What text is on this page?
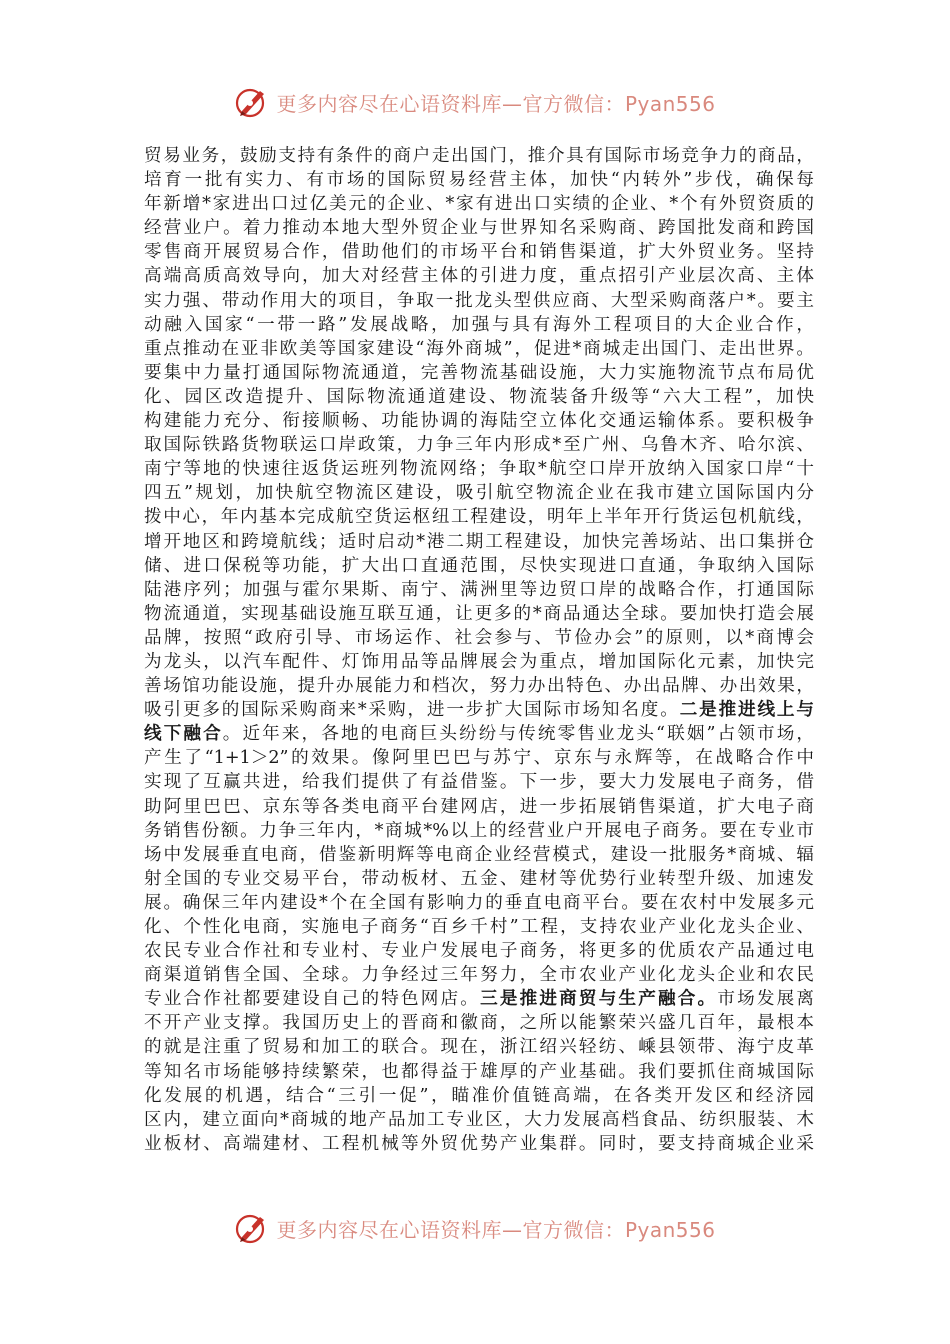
更多内容尽在心语资料库—官方微信：Pyan556
贸易业务，鼓励支持有条件的商户走出国门，推介具有国际市场竞争力的商品，
培育一批有实力、有市场的国际贸易经营主体，加快“内转外”步伐，确保每
年新增*家进出口过亿美元的企业、*家有进出口实绩的企业、*个有外贸资质的
经营业户。着力推动本地大型外贸企业与世界知名采购商、跨国批发商和跨国
零售商开展贸易合作，借助他们的市场平台和销售渠道，扩大外贸业务。坚持
高端高质高效导向，加大对经营主体的引进力度，重点招引产业层次高、主体
实力强、带动作用大的项目，争取一批龙头型供应商、大型采购商落户*。要主
动融入国家“一带一路”发展战略，加强与具有海外工程项目的大企业合作，
重点推动在亚非欧美等国家建设“海外商城”，促进*商城走出国门、走出世界。
要集中力量打通国际物流通道，完善物流基础设施，大力实施物流节点布局优
化、园区改造提升、国际物流通道建设、物流装备升级等“六大工程”，加快
构建能力充分、衔接顺畅、功能协调的海陆空立体化交通运输体系。要积极争
取国际铁路货物联运口岸政策，力争三年内形成*至广州、乌鲁木齐、哈尔滨、
南宁等地的快速往返货运班列物流网络；争取*航空口岸开放纳入国家口岸“十
四五”规划，加快航空物流区建设，吸引航空物流企业在我市建立国际国内分
拨中心，年内基本完成航空货运枢纽工程建设，明年上半年开行货运包机航线，
增开地区和跨境航线；适时启动*港二期工程建设，加快完善场站、出口集拼仓
储、进口保税等功能，扩大出口直通范围，尽快实现进口直通，争取纳入国际
陆港序列；加强与霍尔果斯、南宁、满洲里等边贸口岸的战略合作，打通国际
物流通道，实现基础设施互联互通，让更多的*商品通达全球。要加快打造会展
品牌，按照“政府引导、市场运作、社会参与、节俭办会”的原则，以*商博会
为龙头，以汽车配件、灯饰用品等品牌展会为重点，增加国际化元素，加快完
善场馆功能设施，提升办展能力和档次，努力办出特色、办出品牌、办出效果，
吸引更多的国际采购商来*采购，进一步扩大国际市场知名度。二是推进线上与
线下融合。近年来，各地的电商巨头纷纷与传统零售业龙头“联姻”占领市场，
产生了“1+1＞2”的效果。像阿里巴巴与苏宁、京东与永辉等，在战略合作中
实现了互赢共进，给我们提供了有益借鉴。下一步，要大力发展电子商务，借
助阿里巴巴、京东等各类电商平台建网店，进一步拓展销售渠道，扩大电子商
务销售份额。力争三年内，*商城*%以上的经营业户开展电子商务。要在专业市
场中发展垂直电商，借鉴新明辉等电商企业经营模式，建设一批服务*商城、辐
射全国的专业交易平台，带动板材、五金、建材等优势行业转型升级、加速发
展。确保三年内建设*个在全国有影响力的垂直电商平台。要在农村中发展多元
化、个性化电商，实施电子商务“百乡千村”工程，支持农业产业化龙头企业、
农民专业合作社和专业村、专业户发展电子商务，将更多的优质农产品通过电
商渠道销售全国、全球。力争经过三年努力，全市农业产业化龙头企业和农民
专业合作社都要建设自己的特色网店。三是推进商贸与生产融合。市场发展离
不开产业支撑。我国历史上的晋商和徽商，之所以能繁荣兴盛几百年，最根本
的就是注重了贸易和加工的联合。现在，浙江绍兴轻纺、嵊县领带、海宁皮革
等知名市场能够持续繁荣，也都得益于雄厚的产业基础。我们要抓住商城国际
化发展的机遇，结合“三引一促”，瞄准价值链高端，在各类开发区和经济园
区内，建立面向*商城的地产品加工专业区，大力发展高档食品、纺织服装、木
业板材、高端建材、工程机械等外贸优势产业集群。同时，要支持商城企业采
更多内容尽在心语资料库—官方微信：Pyan556
